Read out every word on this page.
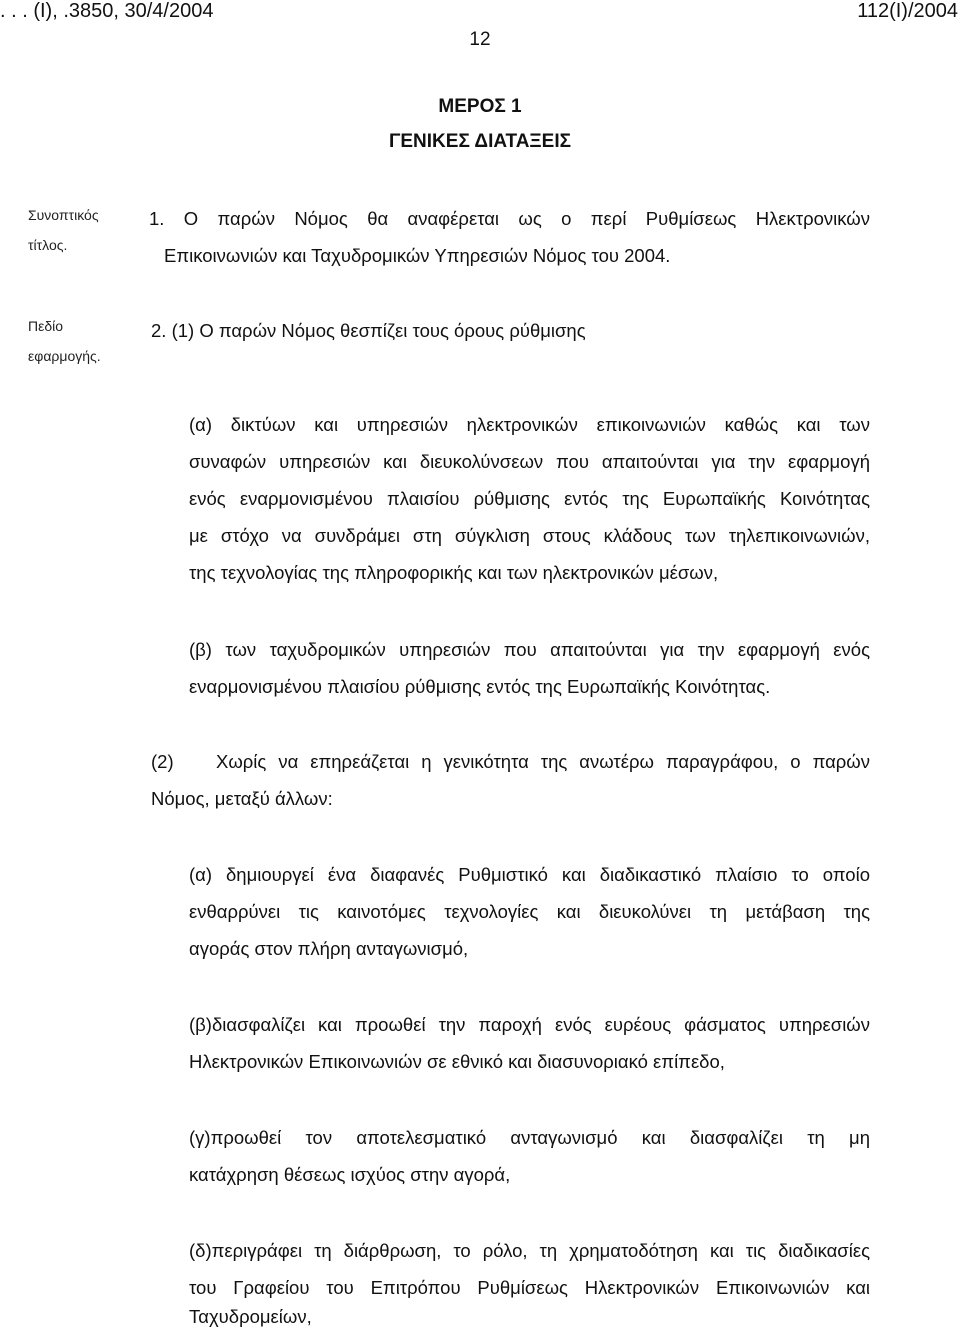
. . . (I), .3850, 30/4/2004	112(I)/2004
12
ΜΕΡΟΣ 1
ΓΕΝΙΚΕΣ ΔΙΑΤΑΞΕΙΣ
Συνοπτικός
τίτλος.
Πεδίο
εφαρμογής.
1. Ο παρών Νόμος θα αναφέρεται ως ο περί Ρυθμίσεως Ηλεκτρονικών
Επικοινωνιών και Ταχυδρομικών Υπηρεσιών Νόμος του 2004.
2. (1) Ο παρών Νόμος θεσπίζει τους όρους ρύθμισης
(α) δικτύων και υπηρεσιών ηλεκτρονικών επικοινωνιών καθώς και των
συναφών υπηρεσιών και διευκολύνσεων που απαιτούνται για την εφαρμογή
ενός εναρμονισμένου πλαισίου ρύθμισης εντός της Ευρωπαϊκής Κοινότητας
με στόχο να συνδράμει στη σύγκλιση στους κλάδους των τηλεπικοινωνιών,
της τεχνολογίας της πληροφορικής και των ηλεκτρονικών μέσων,
(β) των ταχυδρομικών υπηρεσιών που απαιτούνται για την εφαρμογή ενός
εναρμονισμένου πλαισίου ρύθμισης εντός της Ευρωπαϊκής Κοινότητας.
(2) Χωρίς να επηρεάζεται η γενικότητα της ανωτέρω παραγράφου, ο παρών
Νόμος, μεταξύ άλλων:
(α) δημιουργεί ένα διαφανές Ρυθμιστικό και διαδικαστικό πλαίσιο το οποίο
ενθαρρύνει τις καινοτόμες τεχνολογίες και διευκολύνει τη μετάβαση της
αγοράς στον πλήρη ανταγωνισμό,
(β)διασφαλίζει και προωθεί την παροχή ενός ευρέους φάσματος υπηρεσιών
Ηλεκτρονικών Επικοινωνιών σε εθνικό και διασυνοριακό επίπεδο,
(γ)προωθεί τον αποτελεσματικό ανταγωνισμό και διασφαλίζει τη μη
κατάχρηση θέσεως ισχύος στην αγορά,
(δ)περιγράφει τη διάρθρωση, το ρόλο, τη χρηματοδότηση και τις διαδικασίες
του Γραφείου του Επιτρόπου Ρυθμίσεως Ηλεκτρονικών Επικοινωνιών και
Ταχυδρομείων,
